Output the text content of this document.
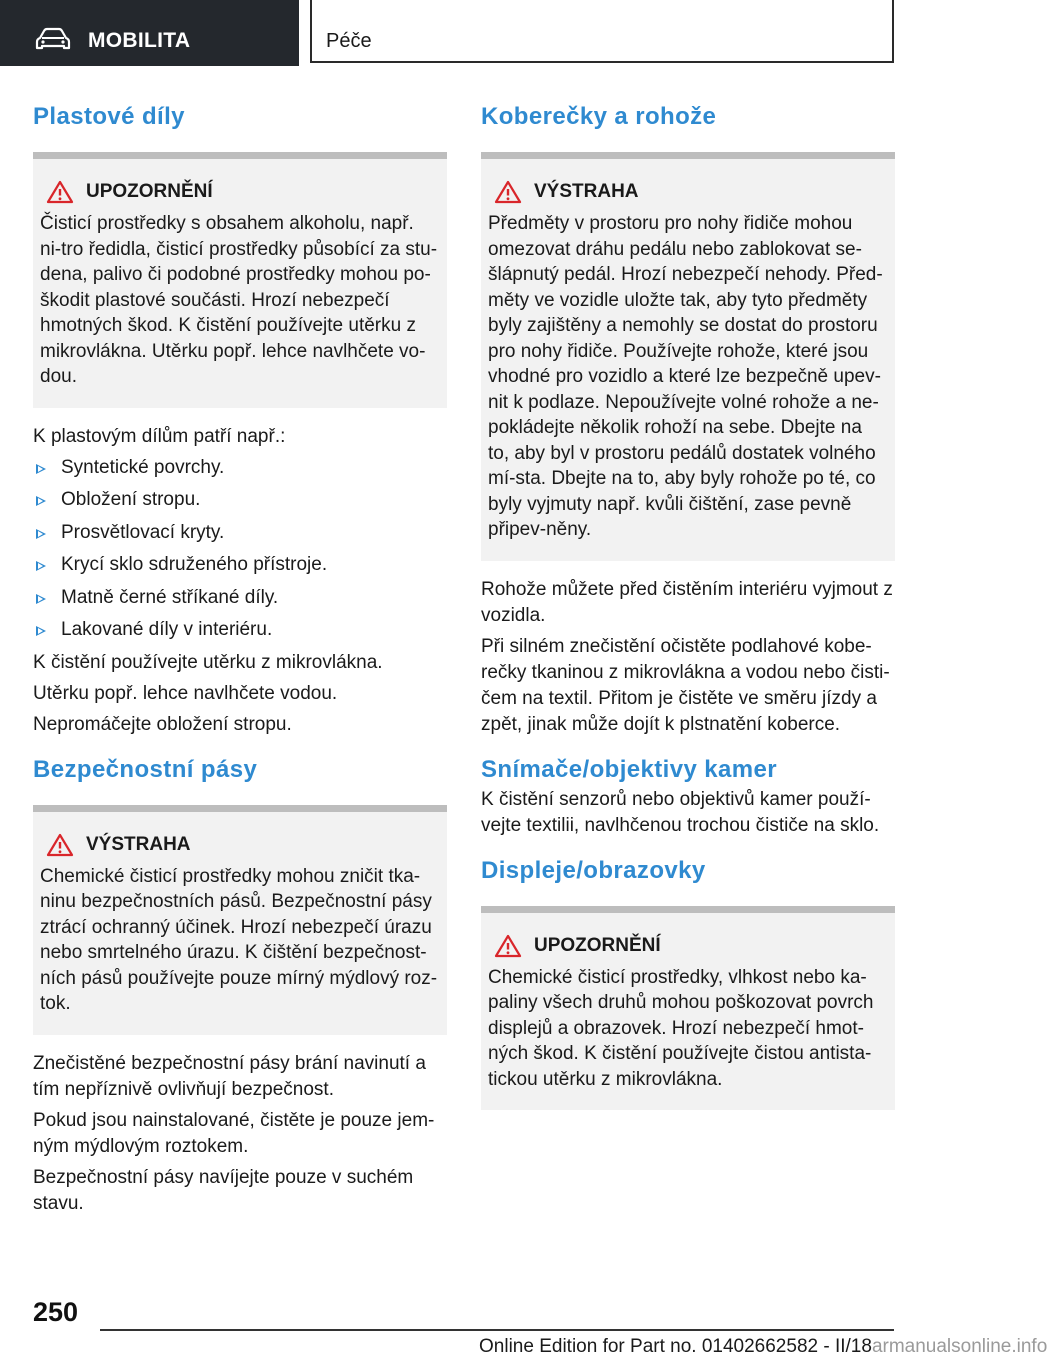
MOBILITA	Péče
Plastové díly
UPOZORNĚNÍ
Čisticí prostředky s obsahem alkoholu, např. ni-tro ředidla, čisticí prostředky působící za stu-dena, palivo či podobné prostředky mohou po-škodit plastové součásti. Hrozí nebezpečí hmotných škod. K čistění používejte utěrku z mikrovlákna. Utěrku popř. lehce navlhčete vo-dou.

K plastovým dílům patří např.:

Syntetické povrchy.
Obložení stropu.
Prosvětlovací kryty.
Krycí sklo sdruženého přístroje.
Matně černé stříkané díly.
Lakované díly v interiéru.

K čistění používejte utěrku z mikrovlákna.

Utěrku popř. lehce navlhčete vodou.

Nepromáčejte obložení stropu.

Bezpečnostní pásy
VÝSTRAHA
Chemické čisticí prostředky mohou zničit tka-ninu bezpečnostních pásů. Bezpečnostní pásy ztrácí ochranný účinek. Hrozí nebezpečí úrazu nebo smrtelného úrazu. K čištění bezpečnost-ních pásů používejte pouze mírný mýdlový roz-tok.

Znečistěné bezpečnostní pásy brání navinutí a tím nepříznivě ovlivňují bezpečnost.

Pokud jsou nainstalované, čistěte je pouze jem-ným mýdlovým roztokem.

Bezpečnostní pásy navíjejte pouze v suchém stavu.

Koberečky a rohože
VÝSTRAHA
Předměty v prostoru pro nohy řidiče mohou omezovat dráhu pedálu nebo zablokovat se-šlápnutý pedál. Hrozí nebezpečí nehody. Před-měty ve vozidle uložte tak, aby tyto předměty byly zajištěny a nemohly se dostat do prostoru pro nohy řidiče. Používejte rohože, které jsou vhodné pro vozidlo a které lze bezpečně upev-nit k podlaze. Nepoužívejte volné rohože a ne-pokládejte několik rohoží na sebe. Dbejte na to, aby byl v prostoru pedálů dostatek volného mí-sta. Dbejte na to, aby byly rohože po té, co byly vyjmuty např. kvůli čištění, zase pevně připev-něny.

Rohože můžete před čistěním interiéru vyjmout z vozidla.

Při silném znečistění očistěte podlahové kobe-rečky tkaninou z mikrovlákna a vodou nebo čisti-čem na textil. Přitom je čistěte ve směru jízdy a zpět, jinak může dojít k plstnatění koberce.

Snímače/objektivy kamer

K čistění senzorů nebo objektivů kamer použí-vejte textilii, navlhčenou trochou čističe na sklo.

Displeje/obrazovky
UPOZORNĚNÍ
Chemické čisticí prostředky, vlhkost nebo ka-paliny všech druhů mohou poškozovat povrch displejů a obrazovek. Hrozí nebezpečí hmot-ných škod. K čistění používejte čistou antista-tickou utěrku z mikrovlákna.
250
Online Edition for Part no. 01402662582 - II/18armanualsonline.info
